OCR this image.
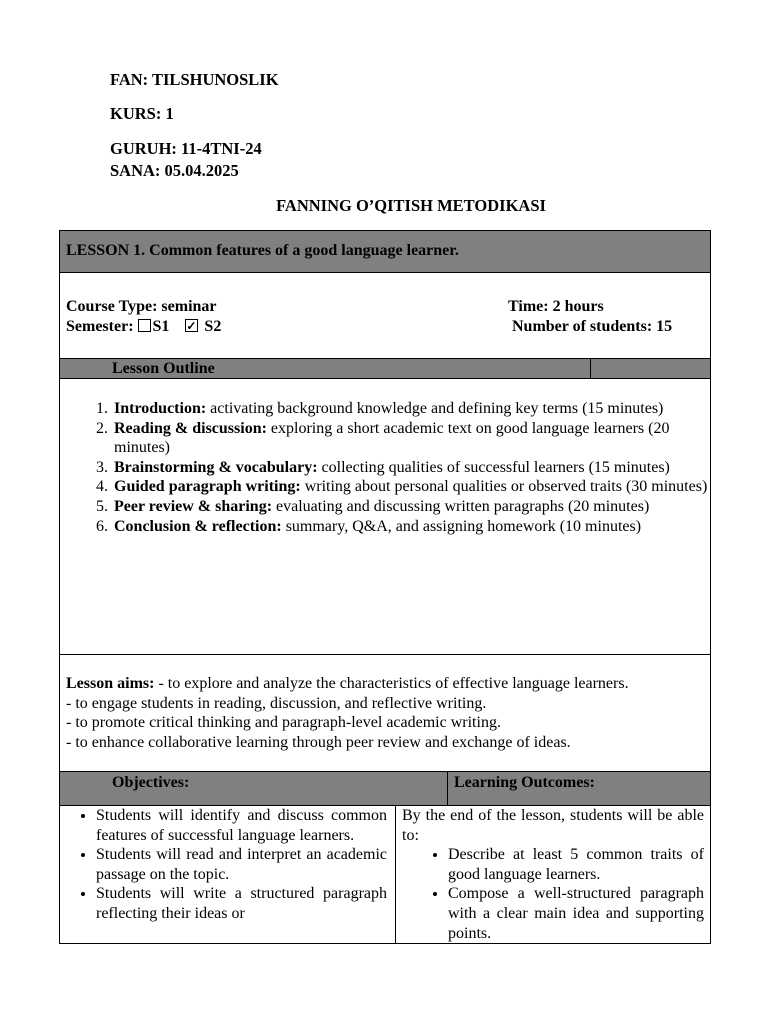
FAN: TILSHUNOSLIK
KURS: 1
GURUH: 11-4TNI-24
SANA: 05.04.2025
FANNING O’QITISH METODIKASI
LESSON 1. Common features of a good language learner.
Course Type: seminar
Semester: S1    ✓ S2
Time: 2 hours
Number of students: 15
Lesson Outline
1. Introduction: activating background knowledge and defining key terms (15 minutes)
2. Reading & discussion: exploring a short academic text on good language learners (20 minutes)
3. Brainstorming & vocabulary: collecting qualities of successful learners (15 minutes)
4. Guided paragraph writing: writing about personal qualities or observed traits (30 minutes)
5. Peer review & sharing: evaluating and discussing written paragraphs (20 minutes)
6. Conclusion & reflection: summary, Q&A, and assigning homework (10 minutes)
Lesson aims: - to explore and analyze the characteristics of effective language learners.
- to engage students in reading, discussion, and reflective writing.
- to promote critical thinking and paragraph-level academic writing.
- to enhance collaborative learning through peer review and exchange of ideas.
Objectives:	Learning Outcomes:
• Students will identify and discuss common features of successful language learners.
• Students will read and interpret an academic passage on the topic.
• Students will write a structured paragraph reflecting their ideas or
By the end of the lesson, students will be able to:
• Describe at least 5 common traits of good language learners.
• Compose a well-structured paragraph with a clear main idea and supporting points.
